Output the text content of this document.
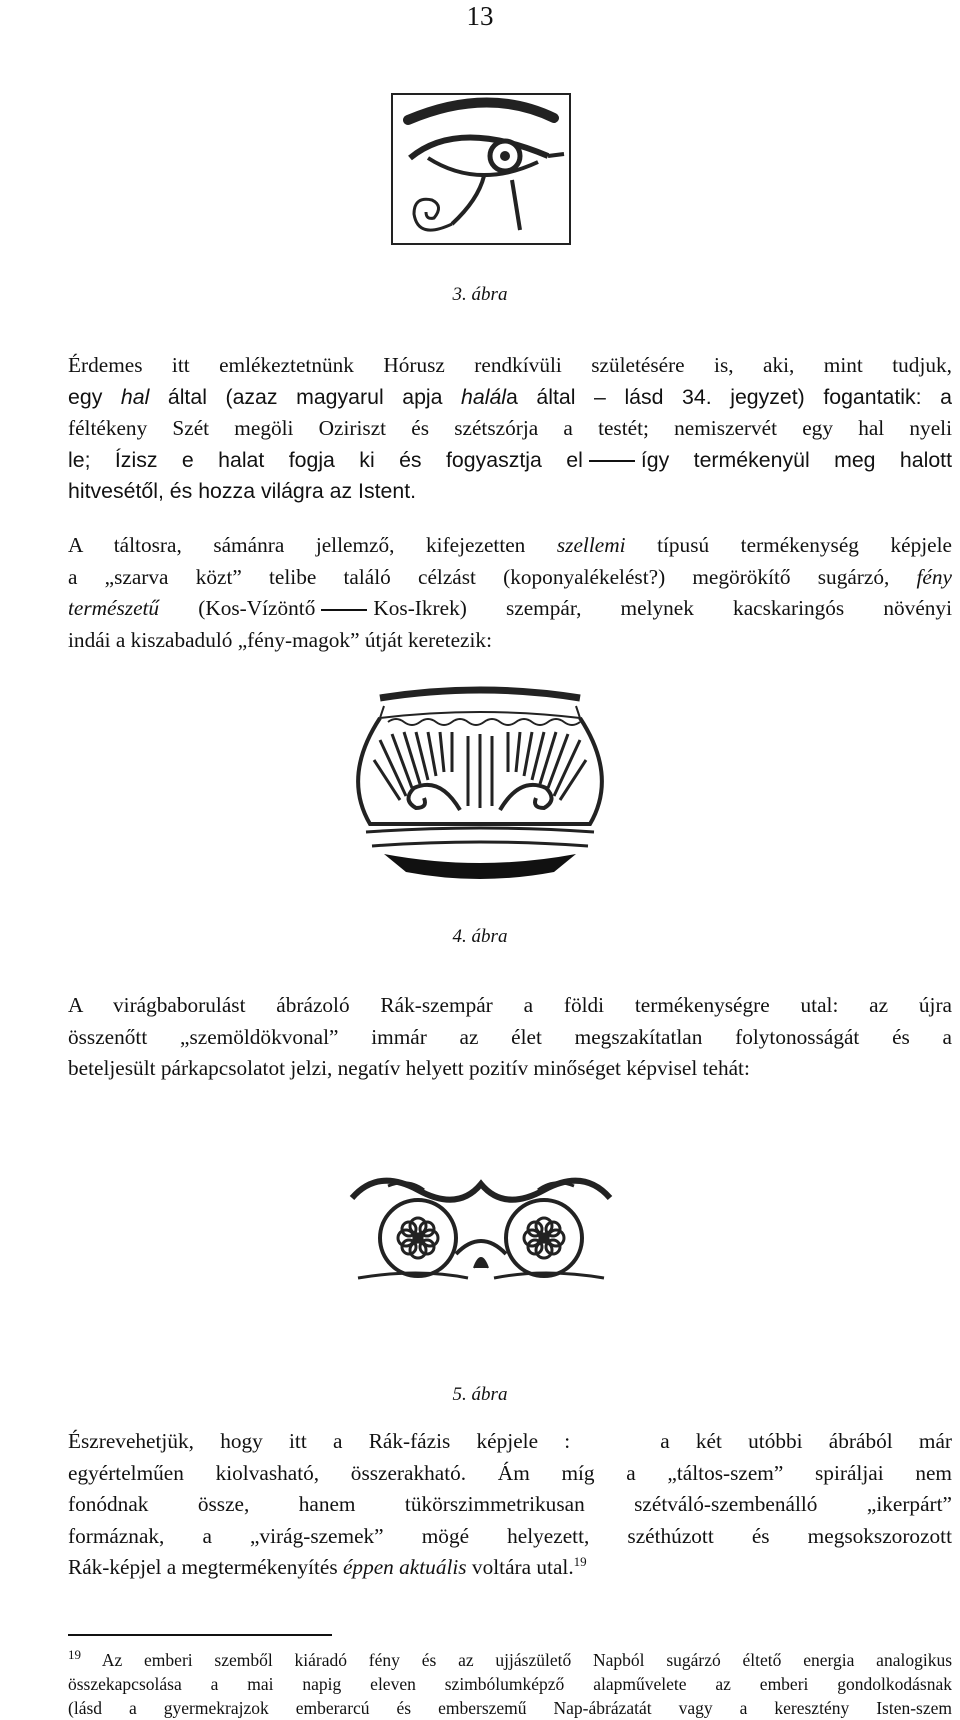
13
3. ábra
Érdemes itt emlékeztetnünk Hórusz rendkívüli születésére is, aki, mint tudjuk,
egy hal által (azaz magyarul apja halála által – lásd 34. jegyzet) fogantatik: a
féltékeny Szét megöli Oziriszt és szétszórja a testét; nemiszervét egy hal nyeli
le; Ízisz e halat fogja ki és fogyasztja el	így termékenyül meg halott
hitvesétől, és hozza világra az Istent.
A táltosra, sámánra jellemző, kifejezetten szellemi típusú termékenység képjele
a „szarva közt” telibe találó célzást (koponyalékelést?) megörökítő sugárzó, fény
természetű (Kos-Vízöntő	Kos-Ikrek) szempár, melynek kacskaringós növényi
indái a kiszabaduló „fény-magok” útját keretezik:
4. ábra
A virágbaborulást ábrázoló Rák-szempár a földi termékenységre utal: az újra
összenőtt „szemöldökvonal” immár az élet megszakítatlan folytonosságát és a
beteljesült párkapcsolatot jelzi, negatív helyett pozitív minőséget képvisel tehát:
5. ábra
Észrevehetjük, hogy itt a Rák-fázis képjele :	a két utóbbi ábrából már
egyértelműen kiolvasható, összerakható. Ám míg a „táltos-szem” spiráljai nem
fonódnak össze, hanem tükörszimmetrikusan szétváló-szembenálló „ikerpárt”
formáznak, a „virág-szemek” mögé helyezett, széthúzott és megsokszorozott
Rák-képjel a megtermékenyítés éppen aktuális voltára utal.$^{19}$
$^{19}$ Az emberi szemből kiáradó fény és az ujjászülető Napból sugárzó éltető energia analogikus
összekapcsolása a mai napig eleven szimbólumképző alapművelete az emberi gondolkodásnak
(lásd a gyermekrajzok emberarcú és emberszemű Nap-ábrázatát vagy a keresztény Isten-szem
